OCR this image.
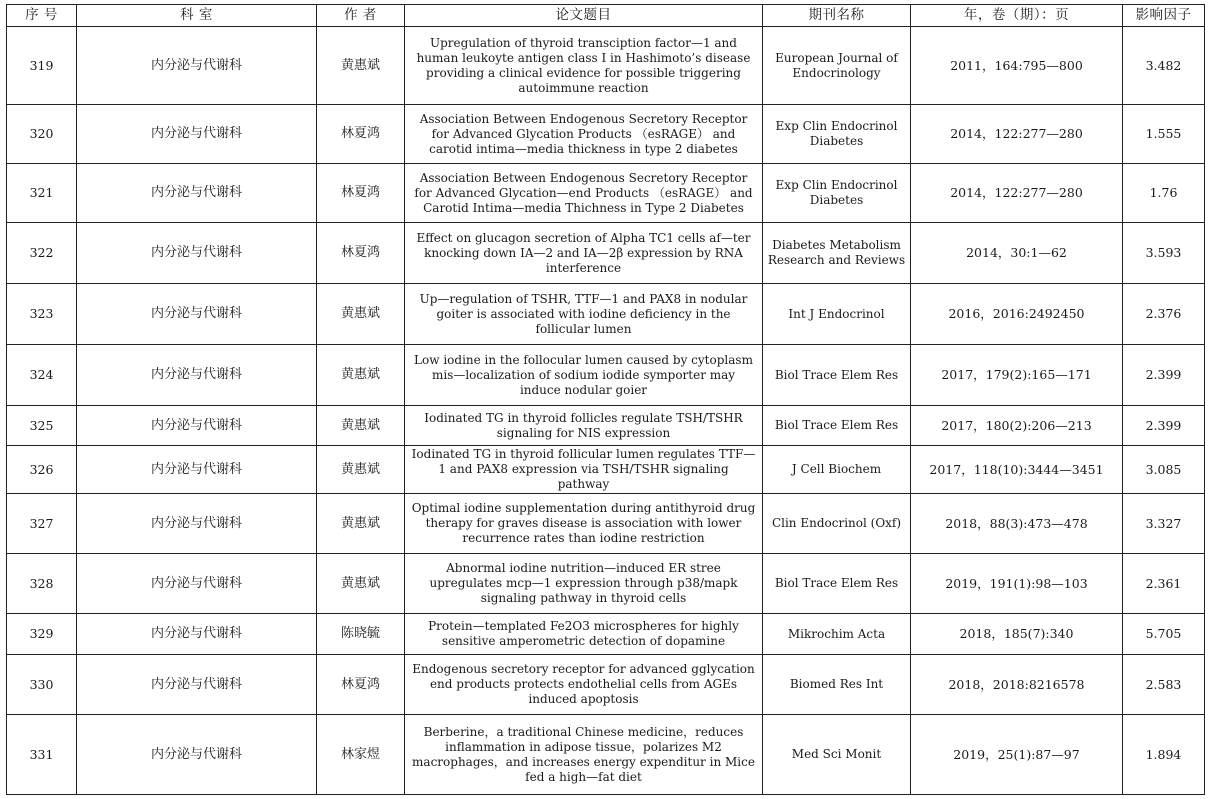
序 号	科 室	作 者	论文题目	期刊名称	年，卷（期）：页	影响因子
319	内分泌与代谢科	黄惠斌	Upregulation of thyroid transciption factor—1 and human leukoyte antigen class I in Hashimoto’s disease providing a clinical evidence for possible triggering autoimmune reaction	European Journal of Endocrinology	2011，164:795—800	3.482
320	内分泌与代谢科	林夏鸿	Association Between Endogenous Secretory Receptor for Advanced Glycation Products （esRAGE） and carotid intima—media thickness in type 2 diabetes	Exp Clin Endocrinol Diabetes	2014，122:277—280	1.555
321	内分泌与代谢科	林夏鸿	Association Between Endogenous Secretory Receptor for Advanced Glycation—end Products （esRAGE） and Carotid Intima—media Thichness in Type 2 Diabetes	Exp Clin Endocrinol Diabetes	2014，122:277—280	1.76
322	内分泌与代谢科	林夏鸿	Effect on glucagon secretion of Alpha TC1 cells af—ter knocking down IA—2 and IA—2β expression by RNA interference	Diabetes Metabolism Research and Reviews	2014，30:1—62	3.593
323	内分泌与代谢科	黄惠斌	Up—regulation of TSHR, TTF—1 and PAX8 in nodular goiter is associated with iodine deficiency in the follicular lumen	Int J Endocrinol	2016，2016:2492450	2.376
324	内分泌与代谢科	黄惠斌	Low iodine in the follocular lumen caused by cytoplasm mis—localization of sodium iodide symporter may induce nodular goier	Biol Trace Elem Res	2017，179(2):165—171	2.399
325	内分泌与代谢科	黄惠斌	Iodinated TG in thyroid follicles regulate TSH/TSHR signaling for NIS expression	Biol Trace Elem Res	2017，180(2):206—213	2.399
326	内分泌与代谢科	黄惠斌	Iodinated TG in thyroid follicular lumen regulates TTF—1 and PAX8 expression via TSH/TSHR signaling pathway	J Cell Biochem	2017，118(10):3444—3451	3.085
327	内分泌与代谢科	黄惠斌	Optimal iodine supplementation during antithyroid drug therapy for graves disease is association with lower recurrence rates than iodine restriction	Clin Endocrinol (Oxf)	2018，88(3):473—478	3.327
328	内分泌与代谢科	黄惠斌	Abnormal iodine nutrition—induced ER stree upregulates mcp—1 expression through p38/mapk signaling pathway in thyroid cells	Biol Trace Elem Res	2019，191(1):98—103	2.361
329	内分泌与代谢科	陈晓毓	Protein—templated Fe2O3 microspheres for highly sensitive amperometric detection of dopamine	Mikrochim Acta	2018，185(7):340	5.705
330	内分泌与代谢科	林夏鸿	Endogenous secretory receptor for advanced gglycation end products protects endothelial cells from AGEs induced apoptosis	Biomed Res Int	2018，2018:8216578	2.583
331	内分泌与代谢科	林家煜	Berberine，a traditional Chinese medicine，reduces inflammation in adipose tissue，polarizes M2 macrophages，and increases energy expenditur in Mice fed a high—fat diet	Med Sci Monit	2019，25(1):87—97	1.894
